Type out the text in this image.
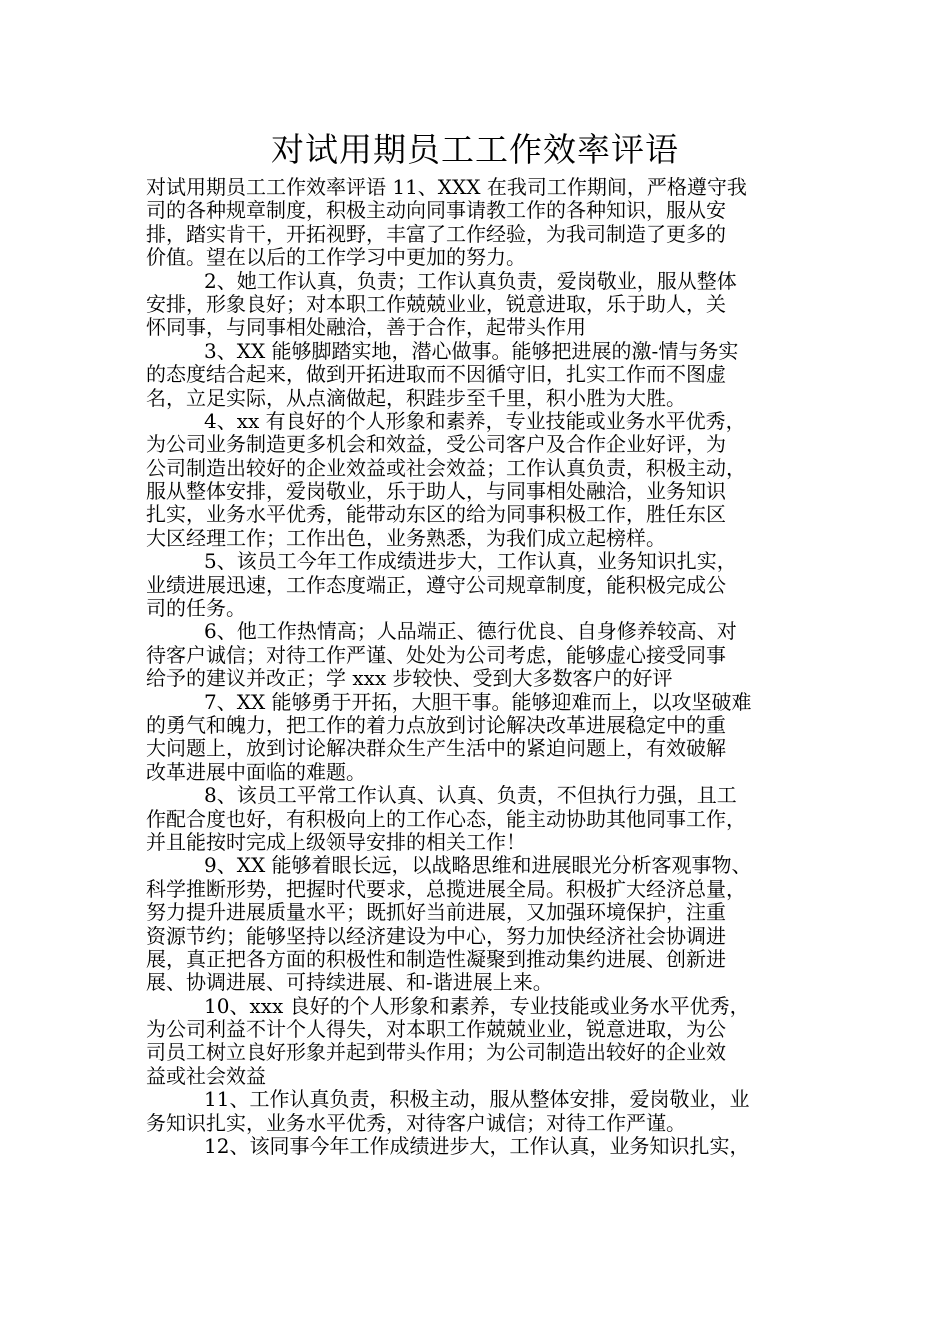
对试用期员工工作效率评语
对试用期员工工作效率评语 11、XXX 在我司工作期间，严格遵守我
司的各种规章制度，积极主动向同事请教工作的各种知识，服从安
排，踏实肯干，开拓视野，丰富了工作经验，为我司制造了更多的
价值。望在以后的工作学习中更加的努力。
2、她工作认真，负责；工作认真负责，爱岗敬业，服从整体
安排，形象良好；对本职工作兢兢业业，锐意进取，乐于助人，关
怀同事，与同事相处融洽，善于合作，起带头作用
3、XX 能够脚踏实地，潜心做事。能够把进展的激-情与务实
的态度结合起来，做到开拓进取而不因循守旧，扎实工作而不图虚
名，立足实际，从点滴做起，积跬步至千里，积小胜为大胜。
4、xx 有良好的个人形象和素养，专业技能或业务水平优秀，
为公司业务制造更多机会和效益，受公司客户及合作企业好评，为
公司制造出较好的企业效益或社会效益；工作认真负责，积极主动，
服从整体安排，爱岗敬业，乐于助人，与同事相处融洽，业务知识
扎实，业务水平优秀，能带动东区的给为同事积极工作，胜任东区
大区经理工作；工作出色，业务熟悉，为我们成立起榜样。
5、该员工今年工作成绩进步大，工作认真，业务知识扎实，
业绩进展迅速，工作态度端正，遵守公司规章制度，能积极完成公
司的任务。
6、他工作热情高；人品端正、德行优良、自身修养较高、对
待客户诚信；对待工作严谨、处处为公司考虑，能够虚心接受同事
给予的建议并改正；学 xxx 步较快、受到大多数客户的好评
7、XX 能够勇于开拓，大胆干事。能够迎难而上，以攻坚破难
的勇气和魄力，把工作的着力点放到讨论解决改革进展稳定中的重
大问题上，放到讨论解决群众生产生活中的紧迫问题上，有效破解
改革进展中面临的难题。
8、该员工平常工作认真、认真、负责，不但执行力强，且工
作配合度也好，有积极向上的工作心态，能主动协助其他同事工作，
并且能按时完成上级领导安排的相关工作！
9、XX 能够着眼长远，以战略思维和进展眼光分析客观事物、
科学推断形势，把握时代要求，总揽进展全局。积极扩大经济总量，
努力提升进展质量水平；既抓好当前进展，又加强环境保护，注重
资源节约；能够坚持以经济建设为中心，努力加快经济社会协调进
展，真正把各方面的积极性和制造性凝聚到推动集约进展、创新进
展、协调进展、可持续进展、和-谐进展上来。
10、xxx 良好的个人形象和素养，专业技能或业务水平优秀，
为公司利益不计个人得失，对本职工作兢兢业业，锐意进取，为公
司员工树立良好形象并起到带头作用；为公司制造出较好的企业效
益或社会效益
11、工作认真负责，积极主动，服从整体安排，爱岗敬业，业
务知识扎实，业务水平优秀，对待客户诚信；对待工作严谨。
12、该同事今年工作成绩进步大，工作认真，业务知识扎实，
